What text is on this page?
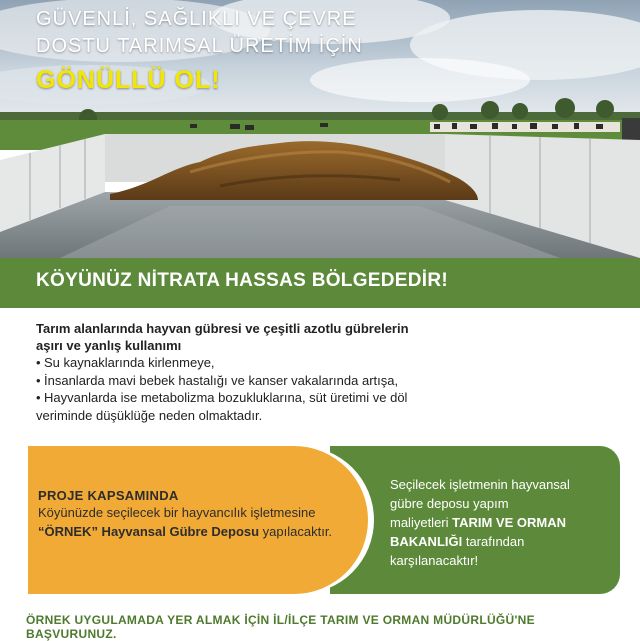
GÜVENLİ, SAĞLIKLI VE ÇEVRE
DOSTU TARIMSAL ÜRETİM İÇİN
GÖNÜLLÜ OL!
KÖYÜNÜZ NİTRATA HASSAS BÖLGEDEDİR!
Tarım alanlarında hayvan gübresi ve çeşitli azotlu gübrelerin
aşırı ve yanlış kullanımı
• Su kaynaklarında kirlenmeye,
• İnsanlarda mavi bebek hastalığı ve kanser vakalarında artışa,
• Hayvanlarda ise metabolizma bozukluklarına, süt üretimi ve döl
veriminde düşüklüğe neden olmaktadır.
Seçilecek işletmenin hayvansal
gübre deposu yapım
maliyetleri TARIM VE ORMAN
BAKANLIĞI tarafından
karşılanacaktır!
PROJE KAPSAMINDA
Köyünüzde seçilecek bir hayvancılık işletmesine
“ÖRNEK” Hayvansal Gübre Deposu yapılacaktır.
ÖRNEK UYGULAMADA YER ALMAK İÇİN İL/İLÇE TARIM VE ORMAN MÜDÜRLÜĞÜ'NE BAŞVURUNUZ.
